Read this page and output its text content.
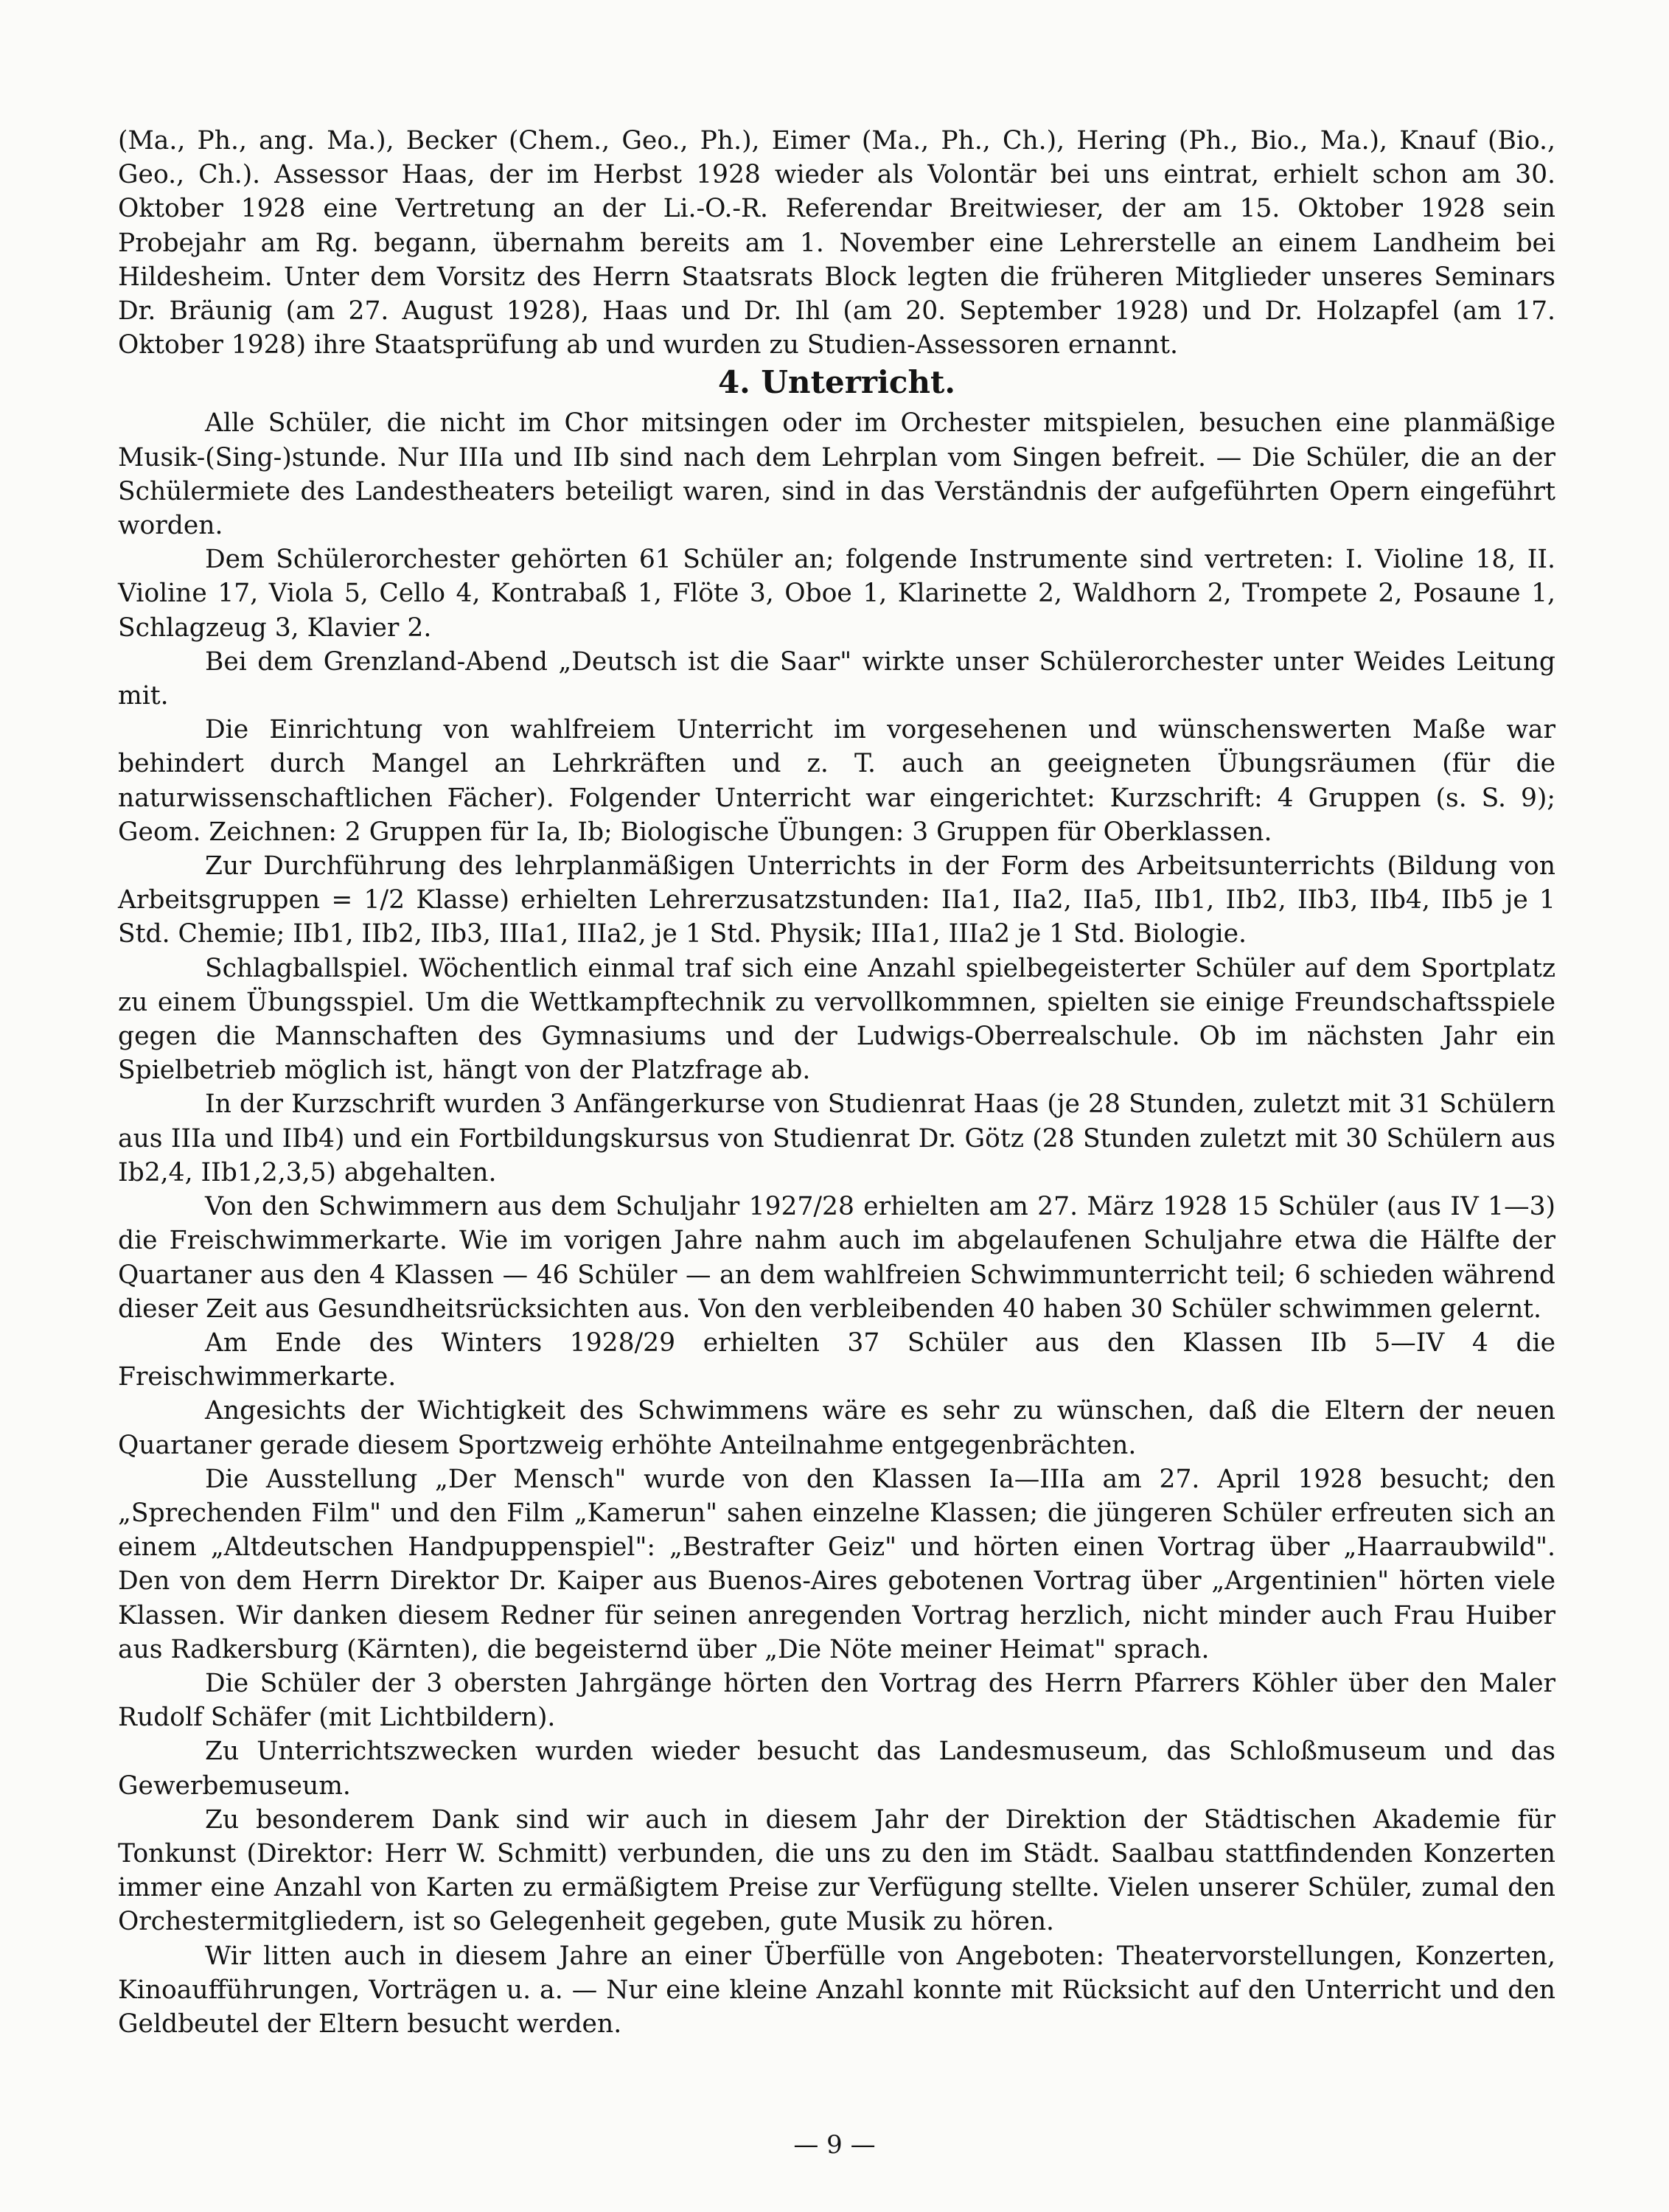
(Ma., Ph., ang. Ma.), Becker (Chem., Geo., Ph.), Eimer (Ma., Ph., Ch.), Hering (Ph., Bio., Ma.), Knauf (Bio., Geo., Ch.). Assessor Haas, der im Herbst 1928 wieder als Volontär bei uns eintrat, erhielt schon am 30. Oktober 1928 eine Vertretung an der Li.-O.-R. Referendar Breitwieser, der am 15. Oktober 1928 sein Probejahr am Rg. begann, übernahm bereits am 1. November eine Lehrerstelle an einem Landheim bei Hildesheim. Unter dem Vorsitz des Herrn Staatsrats Block legten die früheren Mitglieder unseres Seminars Dr. Bräunig (am 27. August 1928), Haas und Dr. Ihl (am 20. September 1928) und Dr. Holzapfel (am 17. Oktober 1928) ihre Staatsprüfung ab und wurden zu Studien-Assessoren ernannt.

4. Unterricht.

Alle Schüler, die nicht im Chor mitsingen oder im Orchester mitspielen, besuchen eine planmäßige Musik-(Sing-)stunde. Nur IIIa und IIb sind nach dem Lehrplan vom Singen befreit. — Die Schüler, die an der Schülermiete des Landestheaters beteiligt waren, sind in das Verständnis der aufgeführten Opern eingeführt worden.

Dem Schülerorchester gehörten 61 Schüler an; folgende Instrumente sind vertreten: I. Violine 18, II. Violine 17, Viola 5, Cello 4, Kontrabaß 1, Flöte 3, Oboe 1, Klarinette 2, Waldhorn 2, Trompete 2, Posaune 1, Schlagzeug 3, Klavier 2.

Bei dem Grenzland-Abend „Deutsch ist die Saar" wirkte unser Schülerorchester unter Weides Leitung mit.

Die Einrichtung von wahlfreiem Unterricht im vorgesehenen und wünschenswerten Maße war behindert durch Mangel an Lehrkräften und z. T. auch an geeigneten Übungsräumen (für die naturwissenschaftlichen Fächer). Folgender Unterricht war eingerichtet: Kurzschrift: 4 Gruppen (s. S. 9); Geom. Zeichnen: 2 Gruppen für Ia, Ib; Biologische Übungen: 3 Gruppen für Oberklassen.

Zur Durchführung des lehrplanmäßigen Unterrichts in der Form des Arbeitsunterrichts (Bildung von Arbeitsgruppen = 1/2 Klasse) erhielten Lehrerzusatzstunden: IIa1, IIa2, IIa5, IIb1, IIb2, IIb3, IIb4, IIb5 je 1 Std. Chemie; IIb1, IIb2, IIb3, IIIa1, IIIa2, je 1 Std. Physik; IIIa1, IIIa2 je 1 Std. Biologie.

Schlagballspiel. Wöchentlich einmal traf sich eine Anzahl spielbegeisterter Schüler auf dem Sportplatz zu einem Übungsspiel. Um die Wettkampftechnik zu vervollkommnen, spielten sie einige Freundschaftsspiele gegen die Mannschaften des Gymnasiums und der Ludwigs-Oberrealschule. Ob im nächsten Jahr ein Spielbetrieb möglich ist, hängt von der Platzfrage ab.

In der Kurzschrift wurden 3 Anfängerkurse von Studienrat Haas (je 28 Stunden, zuletzt mit 31 Schülern aus IIIa und IIb4) und ein Fortbildungskursus von Studienrat Dr. Götz (28 Stunden zuletzt mit 30 Schülern aus Ib2,4, IIb1,2,3,5) abgehalten.

Von den Schwimmern aus dem Schuljahr 1927/28 erhielten am 27. März 1928 15 Schüler (aus IV 1—3) die Freischwimmerkarte. Wie im vorigen Jahre nahm auch im abgelaufenen Schuljahre etwa die Hälfte der Quartaner aus den 4 Klassen — 46 Schüler — an dem wahlfreien Schwimmunterricht teil; 6 schieden während dieser Zeit aus Gesundheitsrücksichten aus. Von den verbleibenden 40 haben 30 Schüler schwimmen gelernt.

Am Ende des Winters 1928/29 erhielten 37 Schüler aus den Klassen IIb 5—IV 4 die Freischwimmerkarte.

Angesichts der Wichtigkeit des Schwimmens wäre es sehr zu wünschen, daß die Eltern der neuen Quartaner gerade diesem Sportzweig erhöhte Anteilnahme entgegenbrächten.

Die Ausstellung „Der Mensch" wurde von den Klassen Ia—IIIa am 27. April 1928 besucht; den „Sprechenden Film" und den Film „Kamerun" sahen einzelne Klassen; die jüngeren Schüler erfreuten sich an einem „Altdeutschen Handpuppenspiel": „Bestrafter Geiz" und hörten einen Vortrag über „Haarraubwild". Den von dem Herrn Direktor Dr. Kaiper aus Buenos-Aires gebotenen Vortrag über „Argentinien" hörten viele Klassen. Wir danken diesem Redner für seinen anregenden Vortrag herzlich, nicht minder auch Frau Huiber aus Radkersburg (Kärnten), die begeisternd über „Die Nöte meiner Heimat" sprach.

Die Schüler der 3 obersten Jahrgänge hörten den Vortrag des Herrn Pfarrers Köhler über den Maler Rudolf Schäfer (mit Lichtbildern).

Zu Unterrichtszwecken wurden wieder besucht das Landesmuseum, das Schloßmuseum und das Gewerbemuseum.

Zu besonderem Dank sind wir auch in diesem Jahr der Direktion der Städtischen Akademie für Tonkunst (Direktor: Herr W. Schmitt) verbunden, die uns zu den im Städt. Saalbau stattfindenden Konzerten immer eine Anzahl von Karten zu ermäßigtem Preise zur Verfügung stellte. Vielen unserer Schüler, zumal den Orchestermitgliedern, ist so Gelegenheit gegeben, gute Musik zu hören.

Wir litten auch in diesem Jahre an einer Überfülle von Angeboten: Theatervorstellungen, Konzerten, Kinoaufführungen, Vorträgen u. a. — Nur eine kleine Anzahl konnte mit Rücksicht auf den Unterricht und den Geldbeutel der Eltern besucht werden.

— 9 —
